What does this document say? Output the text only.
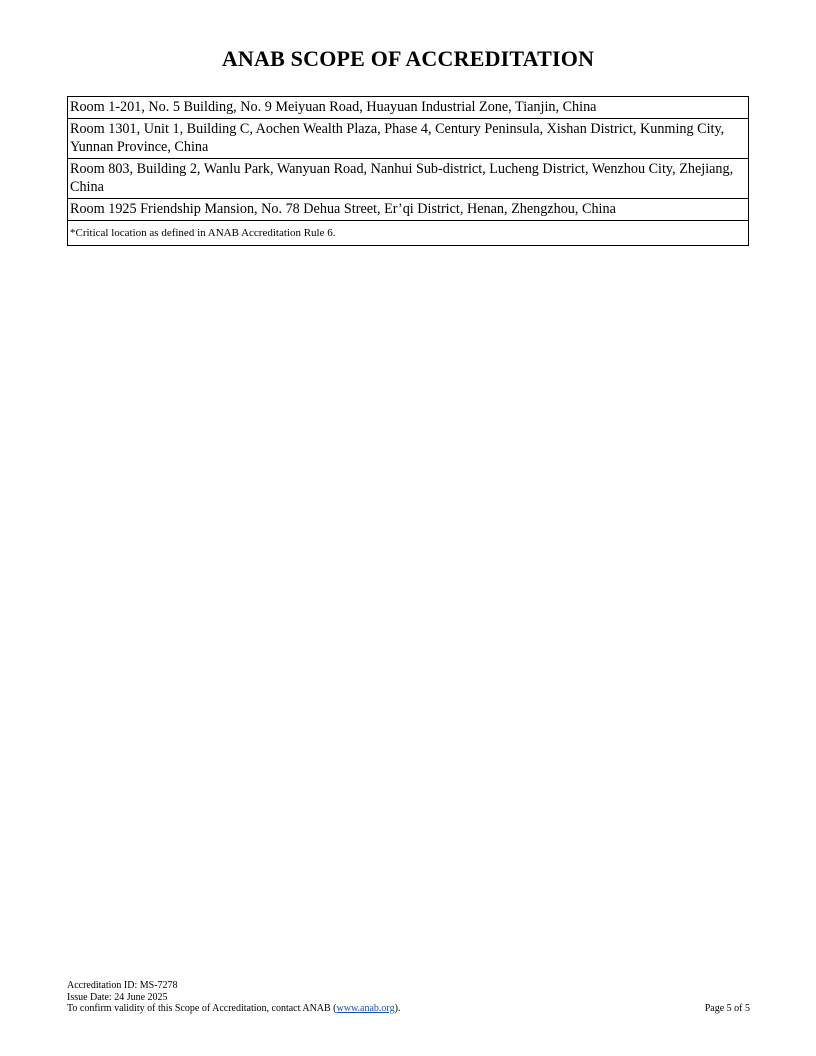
ANAB SCOPE OF ACCREDITATION
Room 1-201, No. 5 Building, No. 9 Meiyuan Road, Huayuan Industrial Zone, Tianjin, China
Room 1301, Unit 1, Building C, Aochen Wealth Plaza, Phase 4, Century Peninsula, Xishan District, Kunming City, Yunnan Province, China
Room 803, Building 2, Wanlu Park, Wanyuan Road, Nanhui Sub-district, Lucheng District, Wenzhou City, Zhejiang, China
Room 1925 Friendship Mansion, No. 78 Dehua Street, Er’qi District, Henan, Zhengzhou, China
*Critical location as defined in ANAB Accreditation Rule 6.
Accreditation ID: MS-7278
Issue Date: 24 June 2025
To confirm validity of this Scope of Accreditation, contact ANAB (www.anab.org).	Page 5 of 5
